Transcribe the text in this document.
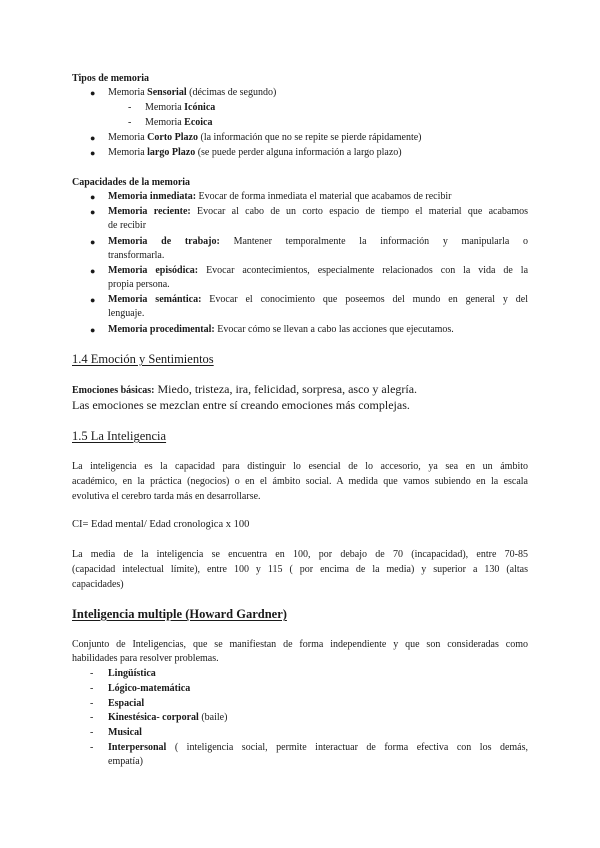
Tipos de memoria
● Memoria Sensorial (décimas de segundo)
- Memoria Icónica
- Memoria Ecoica
● Memoria Corto Plazo (la información que no se repite se pierde rápidamente)
● Memoria largo Plazo (se puede perder alguna información a largo plazo)
Capacidades de la memoria
● Memoria inmediata: Evocar de forma inmediata el material que acabamos de recibir
● Memoria reciente: Evocar al cabo de un corto espacio de tiempo el material que acabamos
de recibir
● Memoria de trabajo: Mantener temporalmente la información y manipularla o
transformarla.
● Memoria episódica: Evocar acontecimientos, especialmente relacionados con la vida de la
propia persona.
● Memoria semántica: Evocar el conocimiento que poseemos del mundo en general y del
lenguaje.
● Memoria procedimental: Evocar cómo se llevan a cabo las acciones que ejecutamos.
1.4 Emoción y Sentimientos
Emociones básicas: Miedo, tristeza, ira, felicidad, sorpresa, asco y alegría.
Las emociones se mezclan entre sí creando emociones más complejas.
1.5 La Inteligencia
La inteligencia es la capacidad para distinguir lo esencial de lo accesorio, ya sea en un ámbito
académico, en la práctica (negocios) o en el ámbito social. A medida que vamos subiendo en la escala
evolutiva el cerebro tarda más en desarrollarse.
CI= Edad mental/ Edad cronologica x 100
La media de la inteligencia se encuentra en 100, por debajo de 70 (incapacidad), entre 70-85
(capacidad intelectual límite), entre 100 y 115 ( por encima de la media) y superior a 130 (altas
capacidades)
Inteligencia multiple (Howard Gardner)
Conjunto de Inteligencias, que se manifiestan de forma independiente y que son consideradas como
habilidades para resolver problemas.
- Lingüística
- Lógico-matemática
- Espacial
- Kinestésica- corporal (baile)
- Musical
- Interpersonal ( inteligencia social, permite interactuar de forma efectiva con los demás,
empatía)
